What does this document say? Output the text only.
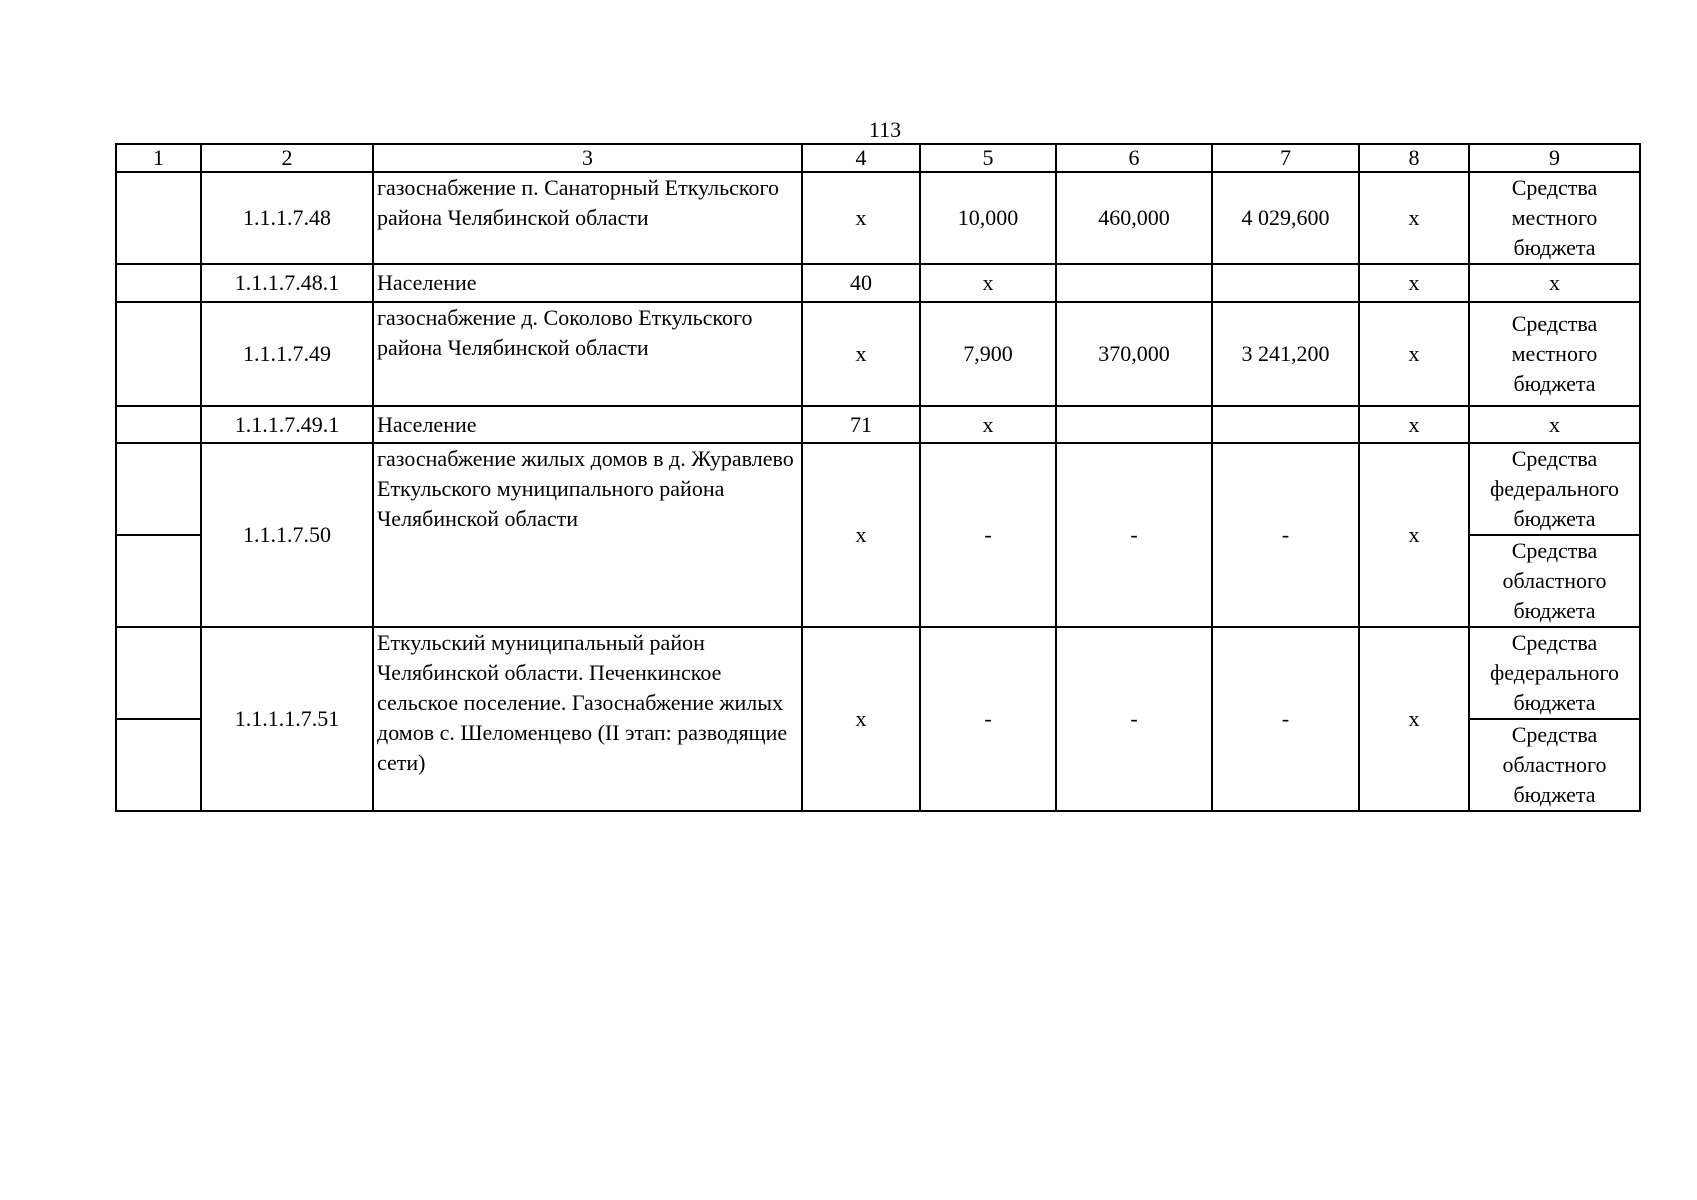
113
1	2	3	4	5	6	7	8	9
	1.1.1.7.48	газоснабжение п. Санаторный Еткульского района Челябинской области	х	10,000	460,000	4 029,600	х	Средства местного бюджета
	1.1.1.7.48.1	Население	40	х			х	х
	1.1.1.7.49	газоснабжение д. Соколово Еткульского района Челябинской области	х	7,900	370,000	3 241,200	х	Средства местного бюджета
	1.1.1.7.49.1	Население	71	х			х	х
	1.1.1.7.50	газоснабжение жилых домов в д. Журавлево Еткульского муниципального района Челябинской области	х	-	-	-	х	Средства федерального бюджета
								Средства областного бюджета
	1.1.1.1.7.51	Еткульский муниципальный район Челябинской области. Печенкинское сельское поселение. Газоснабжение жилых домов с. Шеломенцево (II этап: разводящие сети)	х	-	-	-	х	Средства федерального бюджета
								Средства областного бюджета
